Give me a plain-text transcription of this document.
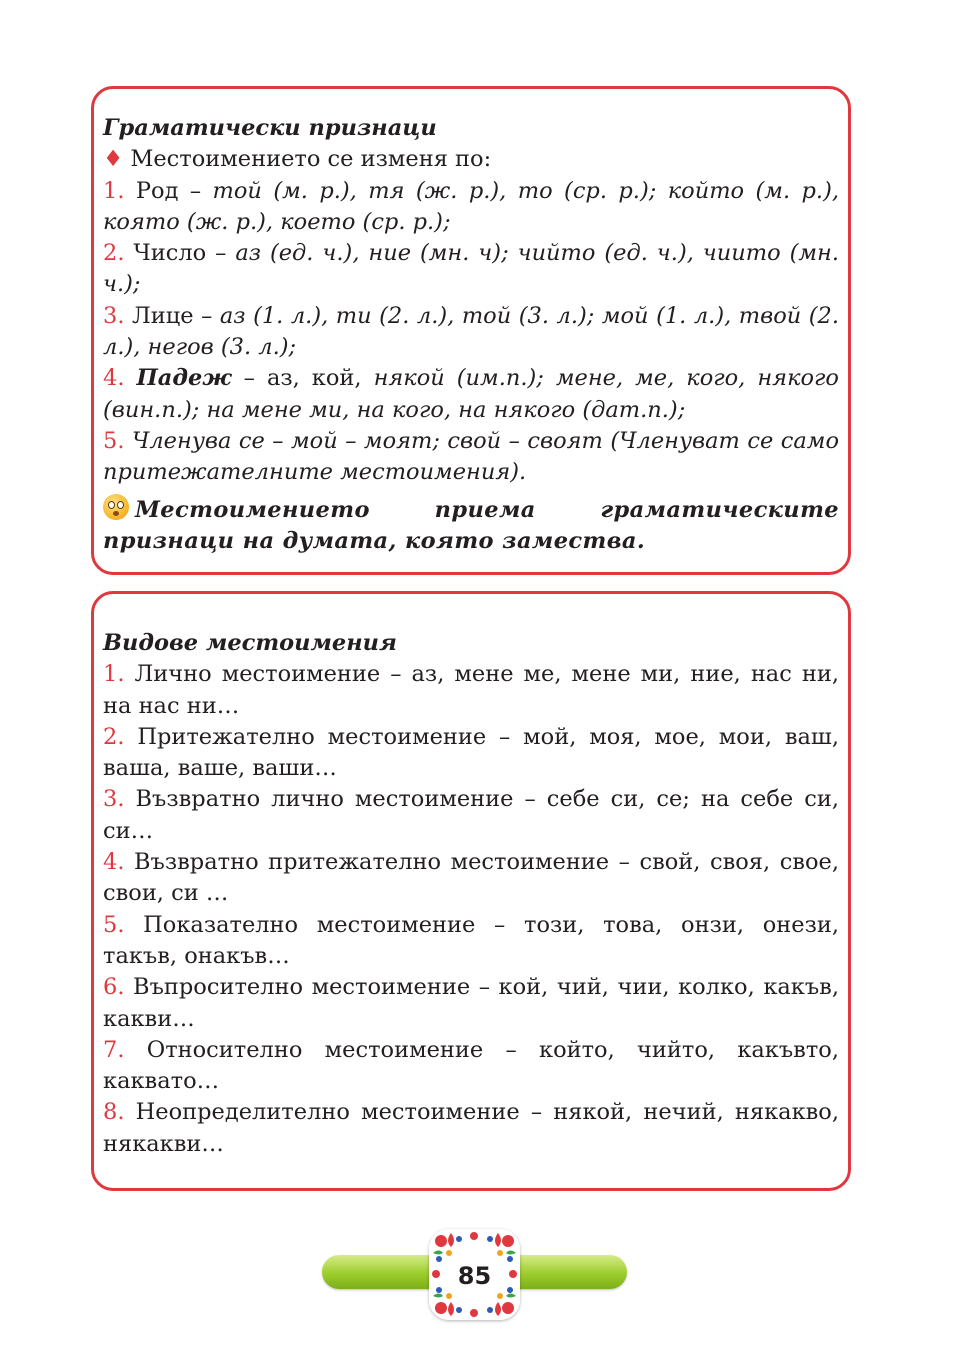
Граматически признаци
♦ Местоимението се изменя по:
1. Род – той (м. р.), тя (ж. р.), то (ср. р.); който (м. р.), която (ж. р.), което (ср. р.);
2. Число – аз (ед. ч.), ние (мн. ч); чийто (ед. ч.), чиито (мн. ч.);
3. Лице – аз (1. л.), ти (2. л.), той (3. л.); мой (1. л.), твой (2. л.), негов (3. л.);
4. Падеж – аз, кой, някой (им.п.); мене, ме, кого, някого (вин.п.); на мене ми, на кого, на някого (дат.п.);
5. Членува се – мой – моят; свой – своят (Членуват се само притежателните местоимения).
Местоимението приема граматическите признаци на думата, която замества.
Видове местоимения
1. Лично местоимение – аз, мене ме, мене ми, ние, нас ни, на нас ни…
2. Притежателно местоимение – мой, моя, мое, мои, ваш, ваша, ваше, ваши…
3. Възвратно лично местоимение – себе си, се; на себе си, си…
4. Възвратно притежателно местоимение – свой, своя, свое, свои, си …
5. Показателно местоимение – този, това, онзи, онези, такъв, онакъв…
6. Въпросително местоимение – кой, чий, чии, колко, какъв, какви…
7. Относително местоимение – който, чийто, какъвто, каквато…
8. Неопределително местоимение – някой, нечий, някакво, някакви…
85
